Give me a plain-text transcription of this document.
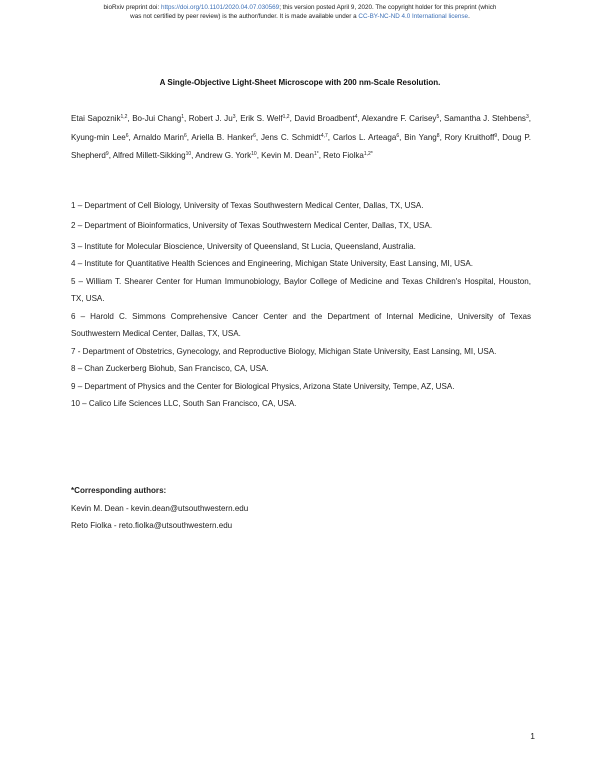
bioRxiv preprint doi: https://doi.org/10.1101/2020.04.07.030569; this version posted April 9, 2020. The copyright holder for this preprint (which
was not certified by peer review) is the author/funder. It is made available under a CC-BY-NC-ND 4.0 International license.
A Single-Objective Light-Sheet Microscope with 200 nm-Scale Resolution.
Etai Sapoznik$^{1,2}$, Bo-Jui Chang$^1$, Robert J. Ju$^3$, Erik S. Welf$^{1,2}$, David Broadbent$^4$, Alexandre F. Carisey$^5$, Samantha J. Stehbens$^3$, Kyung-min Lee$^6$, Arnaldo Marin$^6$, Ariella B. Hanker$^6$, Jens C. Schmidt$^{4,7}$, Carlos L. Arteaga$^6$, Bin Yang$^8$, Rory Kruithoff$^9$, Doug P. Shepherd$^9$, Alfred Millett-Sikking$^{10}$, Andrew G. York$^{10}$, Kevin M. Dean$^{1*}$, Reto Fiolka$^{1,2*}$

1 – Department of Cell Biology, University of Texas Southwestern Medical Center, Dallas, TX, USA.

2 – Department of Bioinformatics, University of Texas Southwestern Medical Center, Dallas, TX, USA.

3 – Institute for Molecular Bioscience, University of Queensland, St Lucia, Queensland, Australia.

4 – Institute for Quantitative Health Sciences and Engineering, Michigan State University, East Lansing, MI, USA.

5 – William T. Shearer Center for Human Immunobiology, Baylor College of Medicine and Texas Children's Hospital, Houston, TX, USA.

6 – Harold C. Simmons Comprehensive Cancer Center and the Department of Internal Medicine, University of Texas Southwestern Medical Center, Dallas, TX, USA.

7 - Department of Obstetrics, Gynecology, and Reproductive Biology, Michigan State University, East Lansing, MI, USA.

8 – Chan Zuckerberg Biohub, San Francisco, CA, USA.

9 – Department of Physics and the Center for Biological Physics, Arizona State University, Tempe, AZ, USA.

10 – Calico Life Sciences LLC, South San Francisco, CA, USA.

*Corresponding authors:
Kevin M. Dean - kevin.dean@utsouthwestern.edu
Reto Fiolka - reto.fiolka@utsouthwestern.edu
1
